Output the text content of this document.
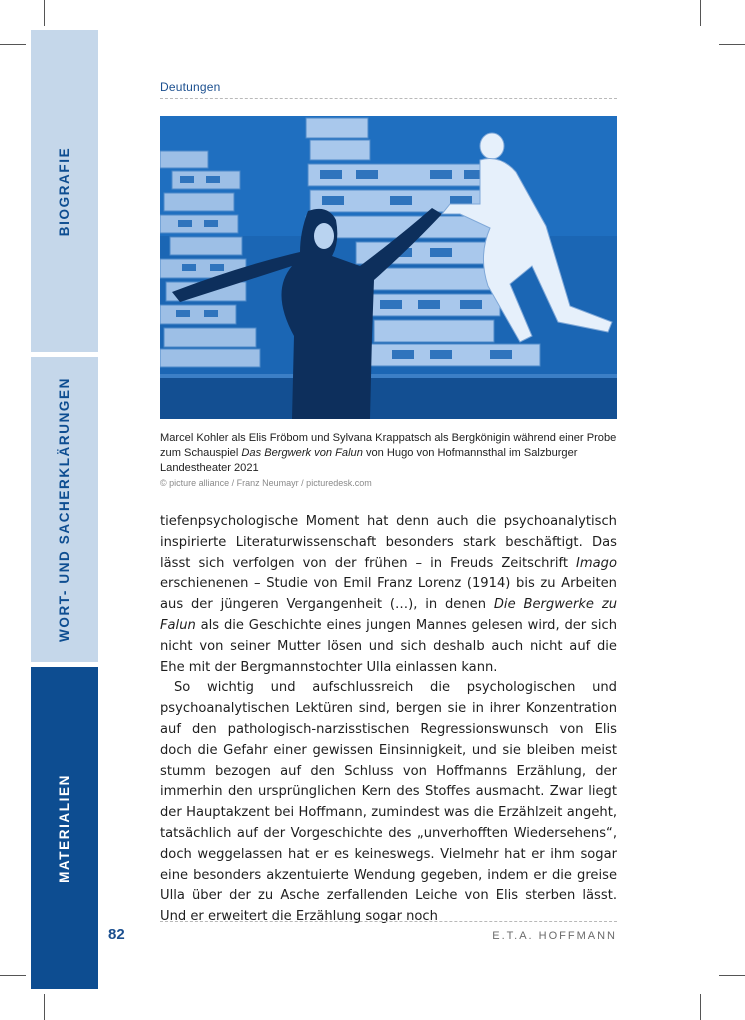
BIOGRAFIE
WORT- UND SACHERKLÄRUNGEN
MATERIALIEN
Deutungen
Marcel Kohler als Elis Fröbom und Sylvana Krappatsch als Bergkönigin während einer Probe zum Schauspiel Das Bergwerk von Falun von Hugo von Hofmannsthal im Salzburger Landestheater 2021
© picture alliance / Franz Neumayr / picturedesk.com

tiefenpsychologische Moment hat denn auch die psychoanalytisch inspirierte Literaturwissenschaft besonders stark beschäftigt. Das lässt sich verfolgen von der frühen – in Freuds Zeitschrift Imago erschienenen – Studie von Emil Franz Lorenz (1914) bis zu Arbeiten aus der jüngeren Vergangenheit (…), in denen Die Bergwerke zu Falun als die Geschichte eines jungen Mannes gelesen wird, der sich nicht von seiner Mutter lösen und sich deshalb auch nicht auf die Ehe mit der Bergmannstochter Ulla einlassen kann.

So wichtig und aufschlussreich die psychologischen und psychoanalytischen Lektüren sind, bergen sie in ihrer Konzentration auf den pathologisch-narzisstischen Regressionswunsch von Elis doch die Gefahr einer gewissen Einsinnigkeit, und sie bleiben meist stumm bezogen auf den Schluss von Hoffmanns Erzählung, der immerhin den ursprünglichen Kern des Stoffes ausmacht. Zwar liegt der Hauptakzent bei Hoffmann, zumindest was die Erzählzeit angeht, tatsächlich auf der Vorgeschichte des „unverhofften Wiedersehens“, doch weggelassen hat er es keineswegs. Vielmehr hat er ihm sogar eine besonders akzentuierte Wendung gegeben, indem er die greise Ulla über der zu Asche zerfallenden Leiche von Elis sterben lässt. Und er erweitert die Erzählung sogar noch

82	E.T.A. HOFFMANN
